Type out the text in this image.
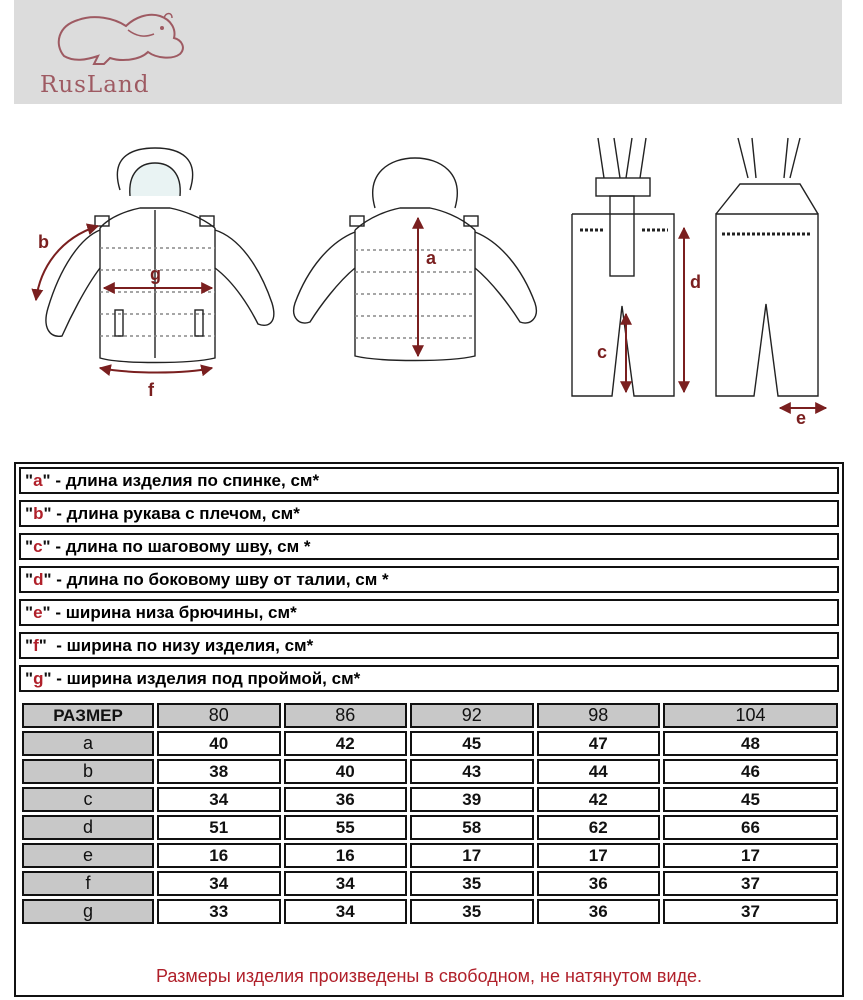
RusLand
b
g
f
a
c
d
e
"a" - длина изделия по спинке, см*
"b" - длина рукава с плечом, см*
"c" - длина по шаговому шву, см *
"d" - длина по боковому шву от талии, см *
"e" - ширина низа брючины, см*
"f"  - ширина по низу изделия, см*
"g" - ширина изделия под проймой, см*
РАЗМЕР	80	86	92	98	104
a	40	42	45	47	48
b	38	40	43	44	46
c	34	36	39	42	45
d	51	55	58	62	66
e	16	16	17	17	17
f	34	34	35	36	37
g	33	34	35	36	37
Размеры изделия произведены в свободном, не натянутом виде.
